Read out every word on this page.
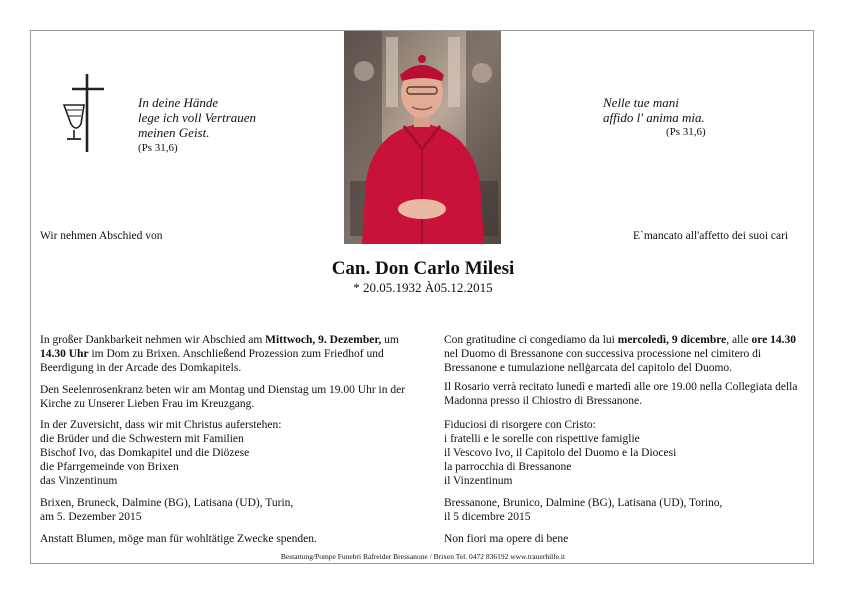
In deine Hände
lege ich voll Vertrauen
meinen Geist.
(Ps 31,6)
Nelle tue mani
affido l' anima mia.
(Ps 31,6)
Wir nehmen Abschied von	E`mancato all'affetto dei suoi cari
Can. Don Carlo Milesi
* 20.05.1932 À05.12.2015
In großer Dankbarkeit nehmen wir Abschied am Mittwoch, 9. Dezember, um 14.30 Uhr im Dom zu Brixen. Anschließend Prozession zum Friedhof und Beerdigung in der Arcade des Domkapitels.
Den Seelenrosenkranz beten wir am Montag und Dienstag um 19.00 Uhr in der Kirche zu Unserer Lieben Frau im Kreuzgang.
In der Zuversicht, dass wir mit Christus auferstehen:
die Brüder und die Schwestern mit Familien
Bischof Ivo, das Domkapitel und die Diözese
die Pfarrgemeinde von Brixen
das Vinzentinum
Brixen, Bruneck, Dalmine (BG), Latisana (UD), Turin,
am 5. Dezember 2015
Anstatt Blumen, möge man für wohltätige Zwecke spenden.
Con gratitudine ci congediamo da lui mercoledì, 9 dicembre, alle ore 14.30 nel Duomo di Bressanone con successiva processione nel cimitero di Bressanone e tumulazione nellġarcata del capitolo del Duomo.
Il Rosario verrà recitato lunedì e martedì alle ore 19.00 nella Collegiata della Madonna presso il Chiostro di Bressanone.
Fiduciosi di risorgere con Cristo:
i fratelli e le sorelle con rispettive famiglie
il Vescovo Ivo, il Capitolo del Duomo e la Diocesi
la parrocchia di Bressanone
il Vinzentinum
Bressanone, Brunico, Dalmine (BG), Latisana (UD), Torino,
il 5 dicembre 2015
Non fiori ma opere di bene
Bestattung/Pompe Funebri Rafreider Bressanone / Brixen Tel. 0472 836192 www.trauerhilfe.it
